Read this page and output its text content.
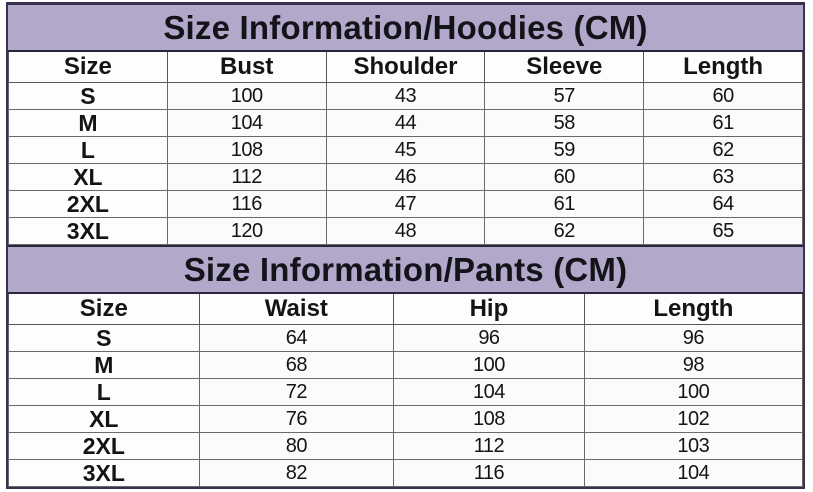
Size Information/Hoodies (CM)
Size	Bust	Shoulder	Sleeve	Length
S	100	43	57	60
M	104	44	58	61
L	108	45	59	62
XL	112	46	60	63
2XL	116	47	61	64
3XL	120	48	62	65
Size Information/Pants (CM)
Size	Waist	Hip	Length
S	64	96	96
M	68	100	98
L	72	104	100
XL	76	108	102
2XL	80	112	103
3XL	82	116	104
